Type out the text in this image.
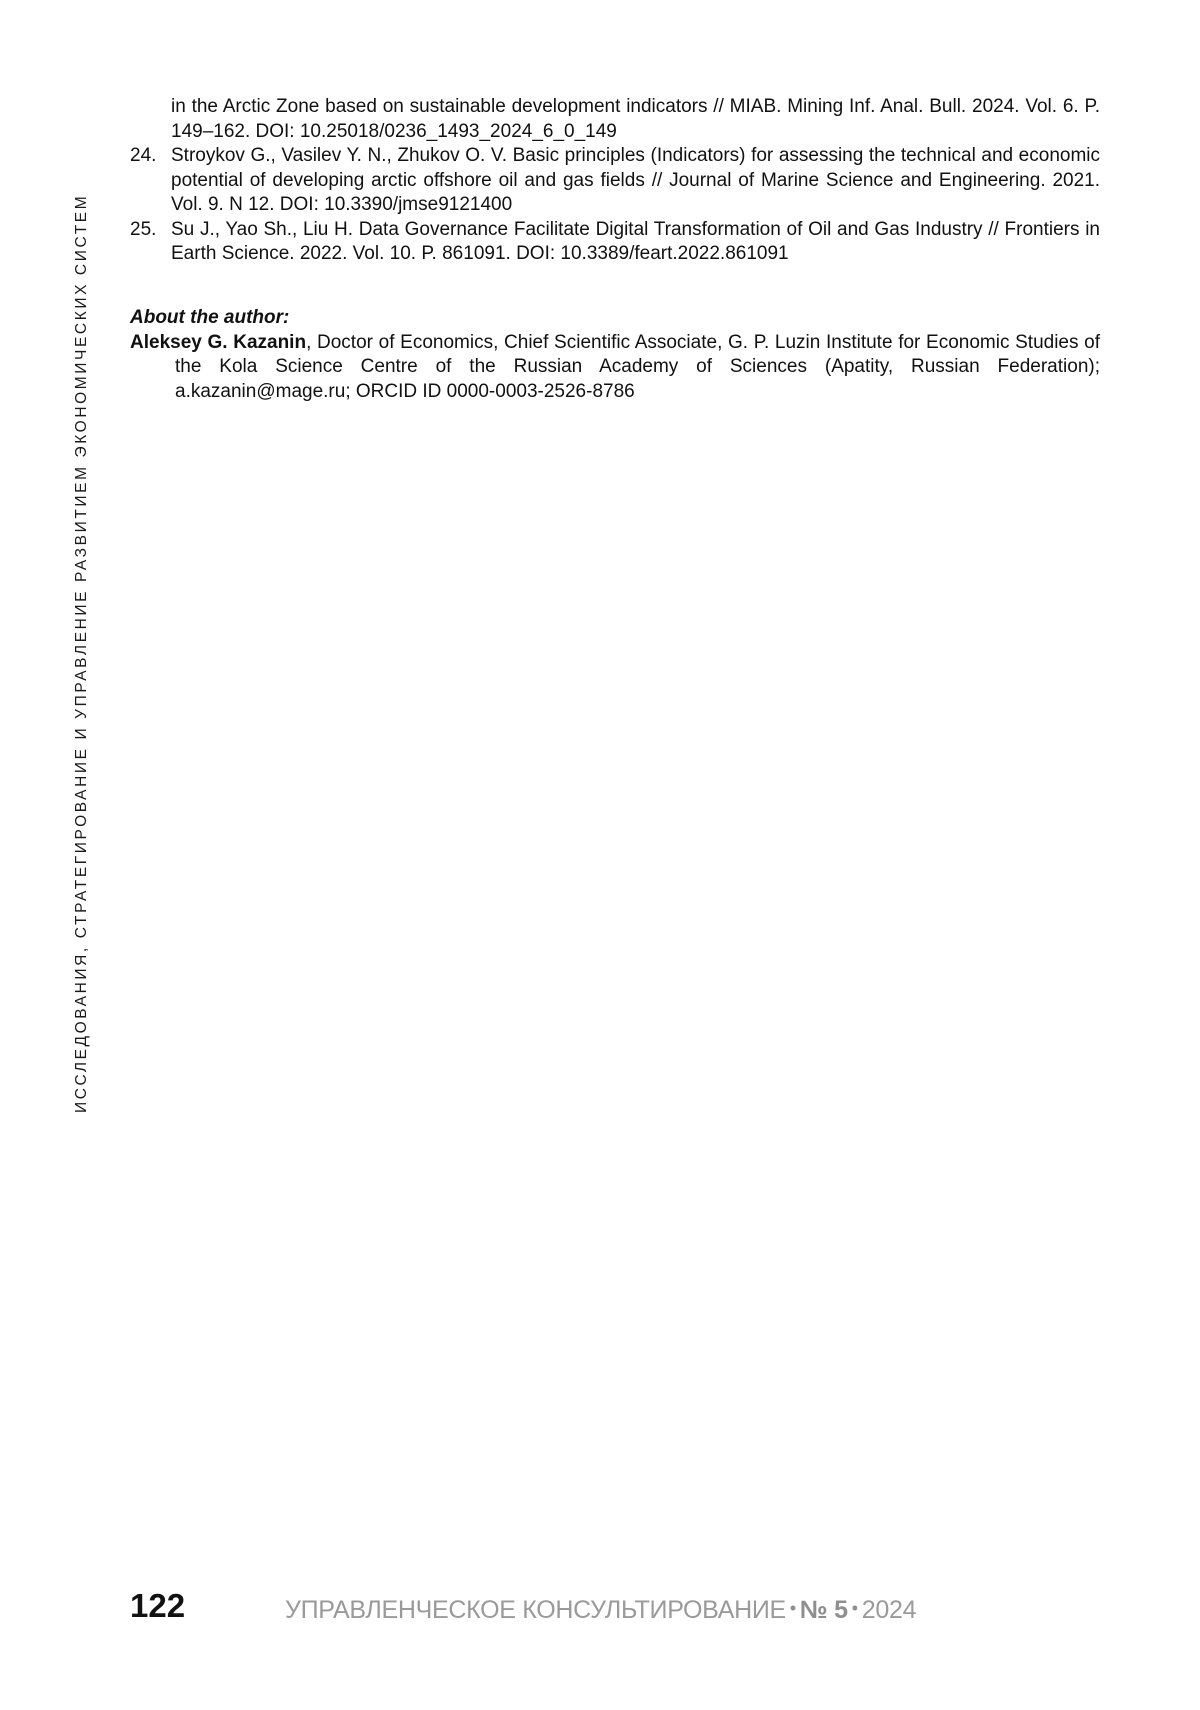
ИССЛЕДОВАНИЯ, СТРАТЕГИРОВАНИЕ И УПРАВЛЕНИЕ РАЗВИТИЕМ ЭКОНОМИЧЕСКИХ СИСТЕМ
in the Arctic Zone based on sustainable development indicators // MIAB. Mining Inf. Anal. Bull. 2024. Vol. 6. P. 149–162. DOI: 10.25018/0236_1493_2024_6_0_149
24. Stroykov G., Vasilev Y. N., Zhukov O. V. Basic principles (Indicators) for assessing the technical and economic potential of developing arctic offshore oil and gas fields // Journal of Marine Science and Engineering. 2021. Vol. 9. N 12. DOI: 10.3390/jmse9121400
25. Su J., Yao Sh., Liu H. Data Governance Facilitate Digital Transformation of Oil and Gas Industry // Frontiers in Earth Science. 2022. Vol. 10. P. 861091. DOI: 10.3389/feart.2022.861091
About the author:
Aleksey G. Kazanin, Doctor of Economics, Chief Scientific Associate, G. P. Luzin Institute for Economic Studies of the Kola Science Centre of the Russian Academy of Sciences (Apatity, Russian Federation); a.kazanin@mage.ru; ORCID ID 0000-0003-2526-8786
122	УПРАВЛЕНЧЕСКОЕ КОНСУЛЬТИРОВАНИЕ • № 5 • 2024
